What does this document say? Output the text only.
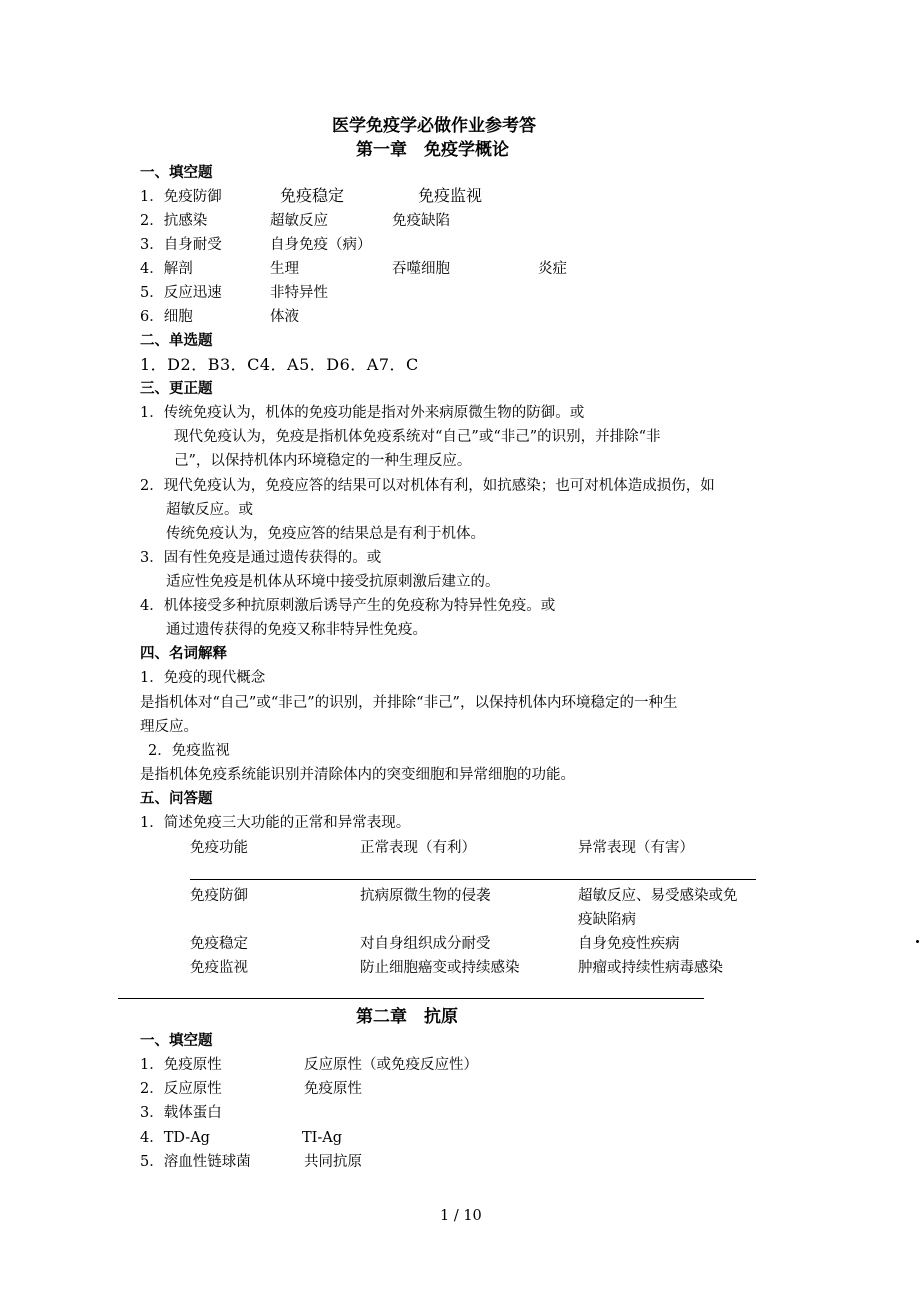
医学免疫学必做作业参考答
第一章　免疫学概论
一、填空题
1．免疫防御	免疫稳定	免疫监视
2．抗感染	超敏反应	免疫缺陷
3．自身耐受	自身免疫（病）
4．解剖	生理	吞噬细胞	炎症
5．反应迅速	非特异性
6．细胞	体液
二、单选题
1．D2．B3．C4．A5．D6．A7．C
三、更正题
1．传统免疫认为，机体的免疫功能是指对外来病原微生物的防御。或
现代免疫认为，免疫是指机体免疫系统对“自己”或“非己”的识别，并排除“非
己”，以保持机体内环境稳定的一种生理反应。
2．现代免疫认为，免疫应答的结果可以对机体有利，如抗感染；也可对机体造成损伤，如
超敏反应。或
传统免疫认为，免疫应答的结果总是有利于机体。
3．固有性免疫是通过遗传获得的。或
适应性免疫是机体从环境中接受抗原刺激后建立的。
4．机体接受多种抗原刺激后诱导产生的免疫称为特异性免疫。或
通过遗传获得的免疫又称非特异性免疫。
四、名词解释
1．免疫的现代概念
是指机体对“自己”或“非己”的识别，并排除“非己”，以保持机体内环境稳定的一种生
理反应。
2．免疫监视
是指机体免疫系统能识别并清除体内的突变细胞和异常细胞的功能。
五、问答题
1．简述免疫三大功能的正常和异常表现。
免疫功能	正常表现（有利）	异常表现（有害）
免疫防御	抗病原微生物的侵袭	超敏反应、易受感染或免
疫缺陷病
免疫稳定	对自身组织成分耐受	自身免疫性疾病
免疫监视	防止细胞癌变或持续感染	肿瘤或持续性病毒感染
第二章　抗原
一、填空题
1．免疫原性	反应原性（或免疫反应性）
2．反应原性	免疫原性
3．载体蛋白
4．TD-Ag	TI-Ag
5．溶血性链球菌	共同抗原
1 / 10
